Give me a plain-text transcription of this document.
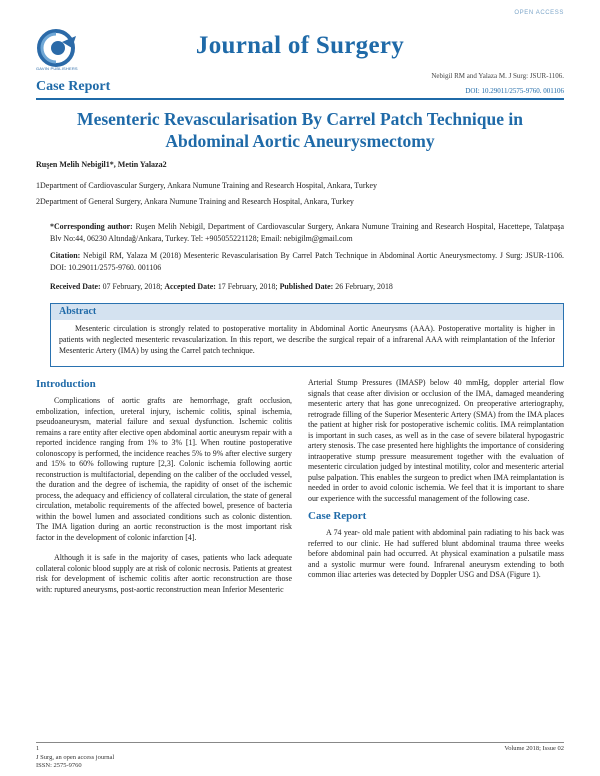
GAVIN PUBLISHERS
OPEN ACCESS
Journal of Surgery
Nebigil RM and Yalaza M. J Surg: JSUR-1106.
Case Report	DOI: 10.29011/2575-9760. 001106
Mesenteric Revascularisation By Carrel Patch Technique in Abdominal Aortic Aneurysmectomy
Ruşen Melih Nebigil1*, Metin Yalaza2
1Department of Cardiovascular Surgery, Ankara Numune Training and Research Hospital, Ankara, Turkey
2Department of General Surgery, Ankara Numune Training and Research Hospital, Ankara, Turkey
*Corresponding author: Ruşen Melih Nebigil, Department of Cardiovascular Surgery, Ankara Numune Training and Research Hospital, Hacettepe, Talatpaşa Blv No:44, 06230 Altındağ/Ankara, Turkey. Tel: +905055221128; Email: nebigilm@gmail.com
Citation: Nebigil RM, Yalaza M (2018) Mesenteric Revascularisation By Carrel Patch Technique in Abdominal Aortic Aneurysmectomy. J Surg: JSUR-1106. DOI: 10.29011/2575-9760. 001106
Received Date: 07 February, 2018; Accepted Date: 17 February, 2018; Published Date: 26 February, 2018
Abstract
Mesenteric circulation is strongly related to postoperative mortality in Abdominal Aortic Aneurysms (AAA). Postoperative mortality is higher in patients with neglected mesenteric revascularization. In this report, we describe the surgical repair of a infrarenal AAA with reimplantation of the Inferior Mesenteric Artery (IMA) by using the Carrel patch technique.
Introduction

Complications of aortic grafts are hemorrhage, graft occlusion, embolization, infection, ureteral injury, ischemic colitis, spinal ischemia, pseudoaneurysm, material failure and sexual dysfunction. Ischemic colitis remains a rare entity after elective open abdominal aortic aneurysm repair with a reported incidence ranging from 1% to 3% [1]. When routine postoperative colonoscopy is performed, the incidence reaches 5% to 9% after elective surgery and 15% to 60% following rupture [2,3]. Colonic ischemia following aortic reconstruction is multifactorial, depending on the caliber of the occluded vessel, the duration and the degree of ischemia, the rapidity of onset of the ischemic process, the adequacy and efficiency of collateral circulation, the state of general circulation, metabolic requirements of the affected bowel, presence of bacteria within the bowel lumen and associated conditions such as colonic distention. The IMA ligation during an aortic reconstruction is the most important risk factor in the development of colonic infarction [4].

Although it is safe in the majority of cases, patients who lack adequate collateral colonic blood supply are at risk of colonic necrosis. Patients at greatest risk for development of ischemic colitis after aortic reconstruction are those with: ruptured aneurysms, post-aortic reconstruction mean Inferior Mesenteric

Arterial Stump Pressures (IMASP) below 40 mmHg, doppler arterial flow signals that cease after division or occlusion of the IMA, damaged meandering mesenteric artery that has gone unrecognized. On preoperative arteriography, retrograde filling of the Superior Mesenteric Artery (SMA) from the IMA places the patient at higher risk for postoperative ischemic colitis. IMA reimplantation is important in such cases, as well as in the case of severe bilateral hypogastric artery stenosis. The case presented here highlights the importance of considering intraoperative stump pressure measurement together with the evaluation of mesenteric circulation judged by intestinal motility, color and mesenteric arterial pulse palpation. This enables the surgeon to predict when IMA reimplantation is needed in order to avoid colonic ischemia. We feel that it is important to share our experience with the successful management of the following case.

Case Report

A 74 year- old male patient with abdominal pain radiating to his back was referred to our clinic. He had suffered blunt abdominal trauma three weeks before abdominal pain had occurred. At physical examination a pulsatile mass and a systolic murmur were found. Infrarenal aneurysm extending to both common iliac arteries was detected by Doppler USG and DSA (Figure 1).

1
J Surg, an open access journal
ISSN: 2575-9760
Volume 2018; Issue 02
